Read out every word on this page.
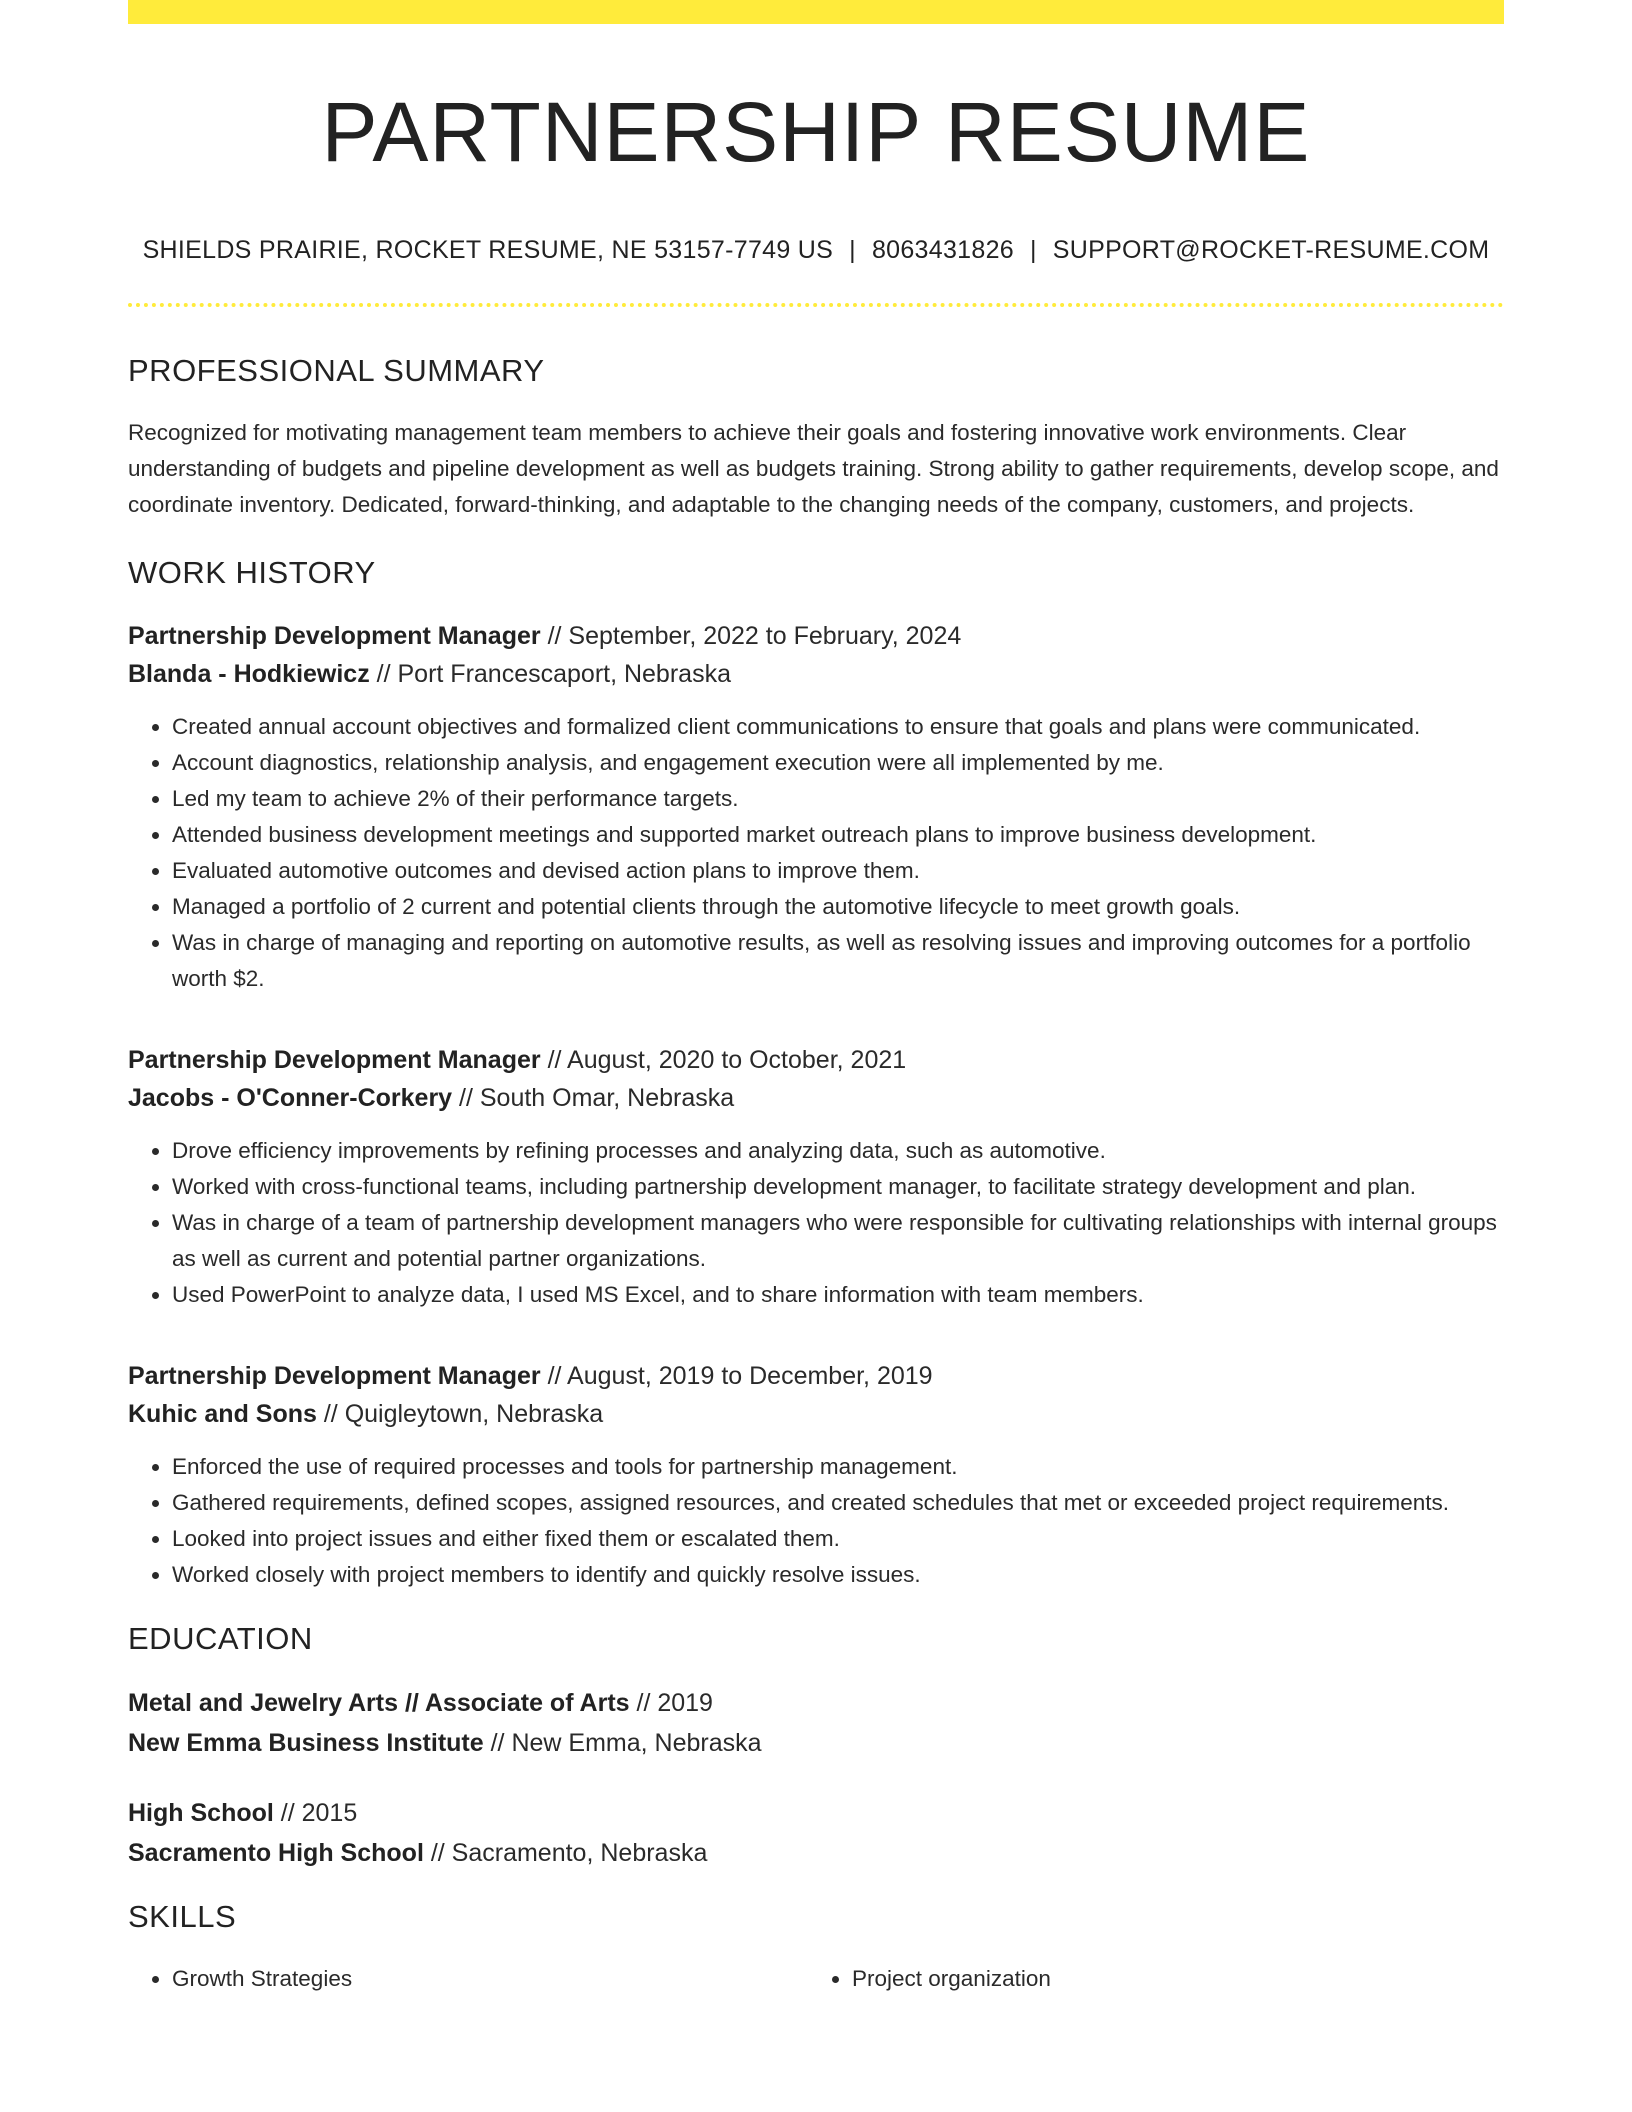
PARTNERSHIP RESUME
SHIELDS PRAIRIE, ROCKET RESUME, NE 53157-7749 US | 8063431826 | SUPPORT@ROCKET-RESUME.COM
PROFESSIONAL SUMMARY
Recognized for motivating management team members to achieve their goals and fostering innovative work environments. Clear understanding of budgets and pipeline development as well as budgets training. Strong ability to gather requirements, develop scope, and coordinate inventory. Dedicated, forward-thinking, and adaptable to the changing needs of the company, customers, and projects.
WORK HISTORY
Partnership Development Manager // September, 2022 to February, 2024
Blanda - Hodkiewicz // Port Francescaport, Nebraska
• Created annual account objectives and formalized client communications to ensure that goals and plans were communicated.
• Account diagnostics, relationship analysis, and engagement execution were all implemented by me.
• Led my team to achieve 2% of their performance targets.
• Attended business development meetings and supported market outreach plans to improve business development.
• Evaluated automotive outcomes and devised action plans to improve them.
• Managed a portfolio of 2 current and potential clients through the automotive lifecycle to meet growth goals.
• Was in charge of managing and reporting on automotive results, as well as resolving issues and improving outcomes for a portfolio worth $2.
Partnership Development Manager // August, 2020 to October, 2021
Jacobs - O'Conner-Corkery // South Omar, Nebraska
• Drove efficiency improvements by refining processes and analyzing data, such as automotive.
• Worked with cross-functional teams, including partnership development manager, to facilitate strategy development and plan.
• Was in charge of a team of partnership development managers who were responsible for cultivating relationships with internal groups as well as current and potential partner organizations.
• Used PowerPoint to analyze data, I used MS Excel, and to share information with team members.
Partnership Development Manager // August, 2019 to December, 2019
Kuhic and Sons // Quigleytown, Nebraska
• Enforced the use of required processes and tools for partnership management.
• Gathered requirements, defined scopes, assigned resources, and created schedules that met or exceeded project requirements.
• Looked into project issues and either fixed them or escalated them.
• Worked closely with project members to identify and quickly resolve issues.
EDUCATION
Metal and Jewelry Arts // Associate of Arts // 2019
New Emma Business Institute // New Emma, Nebraska
High School // 2015
Sacramento High School // Sacramento, Nebraska
SKILLS
• Growth Strategies
•	Project organization
